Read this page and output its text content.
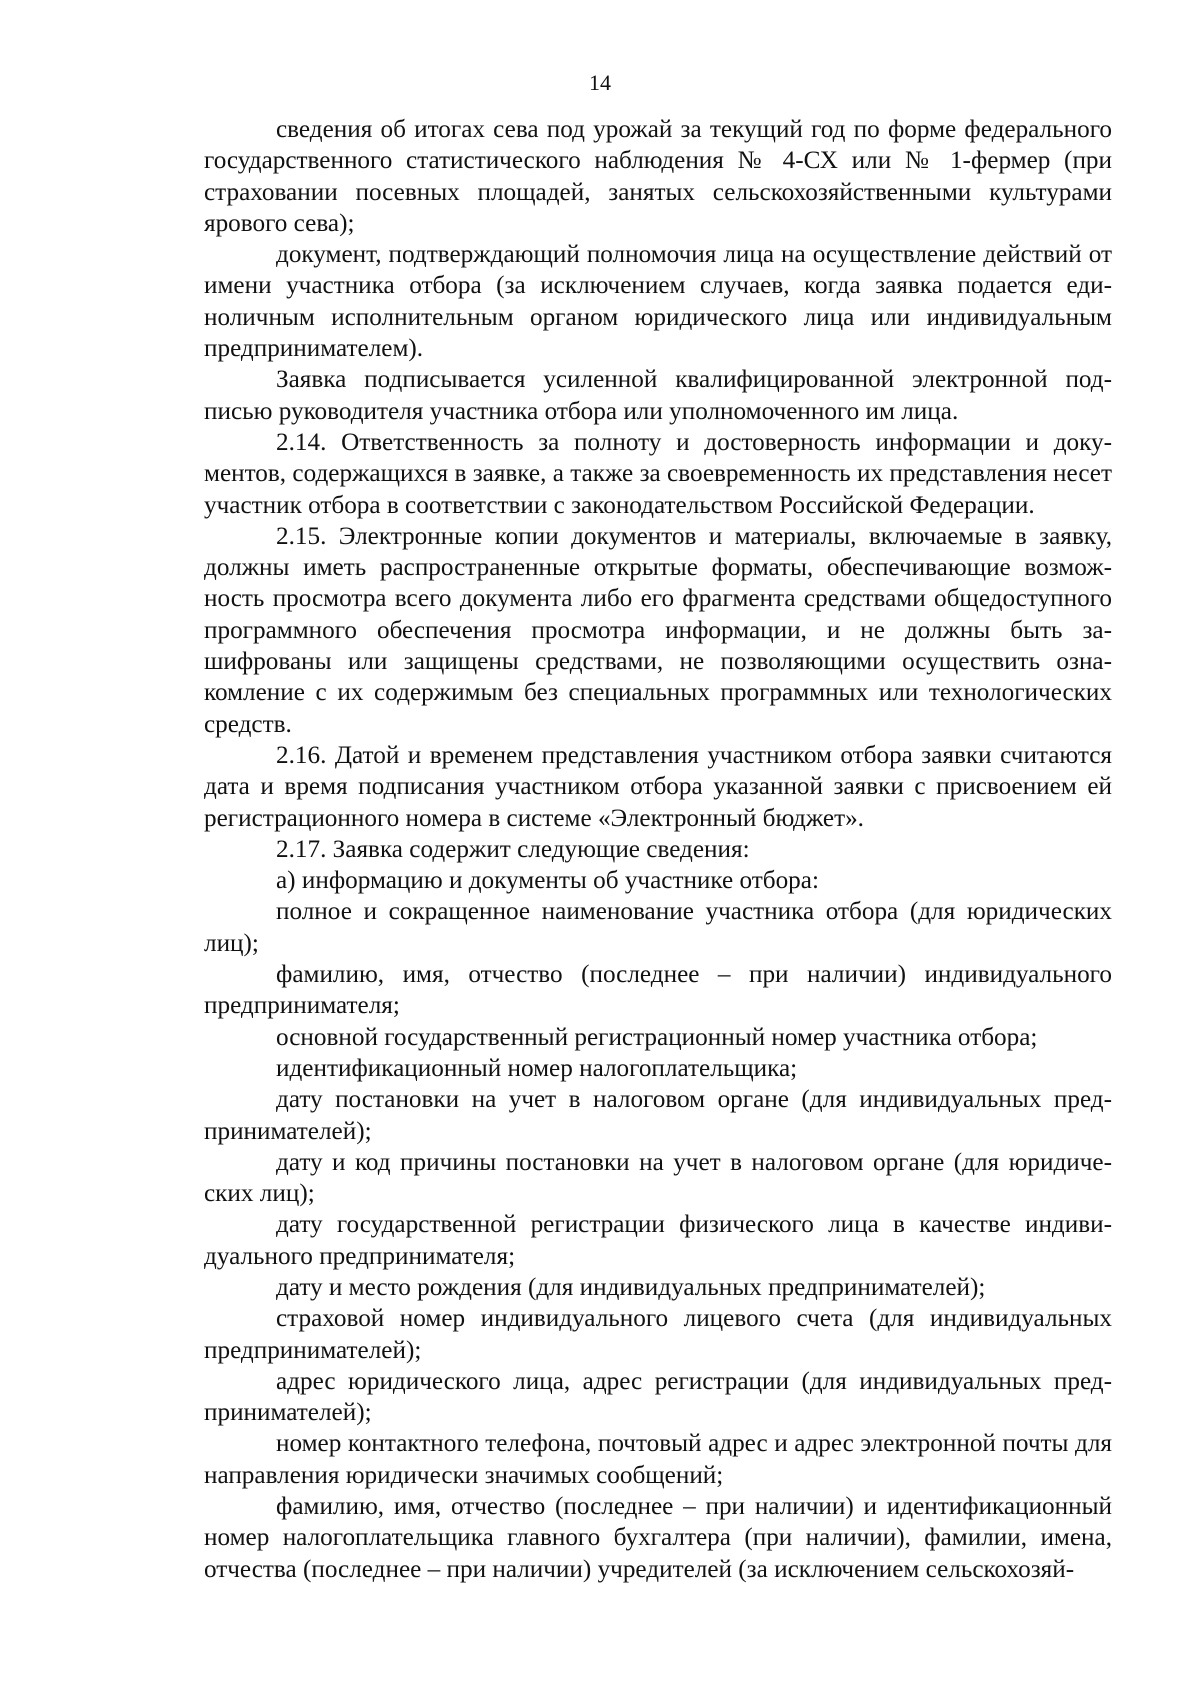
14

сведения об итогах сева под урожай за текущий год по форме федерального государственного статистического наблюдения № 4-СХ или № 1-фермер (при страховании посевных площадей, занятых сельскохозяйственными культурами ярового сева);

документ, подтверждающий полномочия лица на осуществление действий от имени участника отбора (за исключением случаев, когда заявка подается единоличным исполнительным органом юридического лица или индивидуальным предпринимателем).

Заявка подписывается усиленной квалифицированной электронной подписью руководителя участника отбора или уполномоченного им лица.

2.14. Ответственность за полноту и достоверность информации и документов, содержащихся в заявке, а также за своевременность их представления несет участник отбора в соответствии с законодательством Российской Федерации.

2.15. Электронные копии документов и материалы, включаемые в заявку, должны иметь распространенные открытые форматы, обеспечивающие возможность просмотра всего документа либо его фрагмента средствами общедоступного программного обеспечения просмотра информации, и не должны быть зашифрованы или защищены средствами, не позволяющими осуществить ознакомление с их содержимым без специальных программных или технологических средств.

2.16. Датой и временем представления участником отбора заявки считаются дата и время подписания участником отбора указанной заявки с присвоением ей регистрационного номера в системе «Электронный бюджет».

2.17. Заявка содержит следующие сведения:

а) информацию и документы об участнике отбора:

полное и сокращенное наименование участника отбора (для юридических лиц);

фамилию, имя, отчество (последнее – при наличии) индивидуального предпринимателя;

основной государственный регистрационный номер участника отбора;

идентификационный номер налогоплательщика;

дату постановки на учет в налоговом органе (для индивидуальных предпринимателей);

дату и код причины постановки на учет в налоговом органе (для юридических лиц);

дату государственной регистрации физического лица в качестве индивидуального предпринимателя;

дату и место рождения (для индивидуальных предпринимателей);

страховой номер индивидуального лицевого счета (для индивидуальных предпринимателей);

адрес юридического лица, адрес регистрации (для индивидуальных предпринимателей);

номер контактного телефона, почтовый адрес и адрес электронной почты для направления юридически значимых сообщений;

фамилию, имя, отчество (последнее – при наличии) и идентификационный номер налогоплательщика главного бухгалтера (при наличии), фамилии, имена, отчества (последнее – при наличии) учредителей (за исключением сельскохозяй-
